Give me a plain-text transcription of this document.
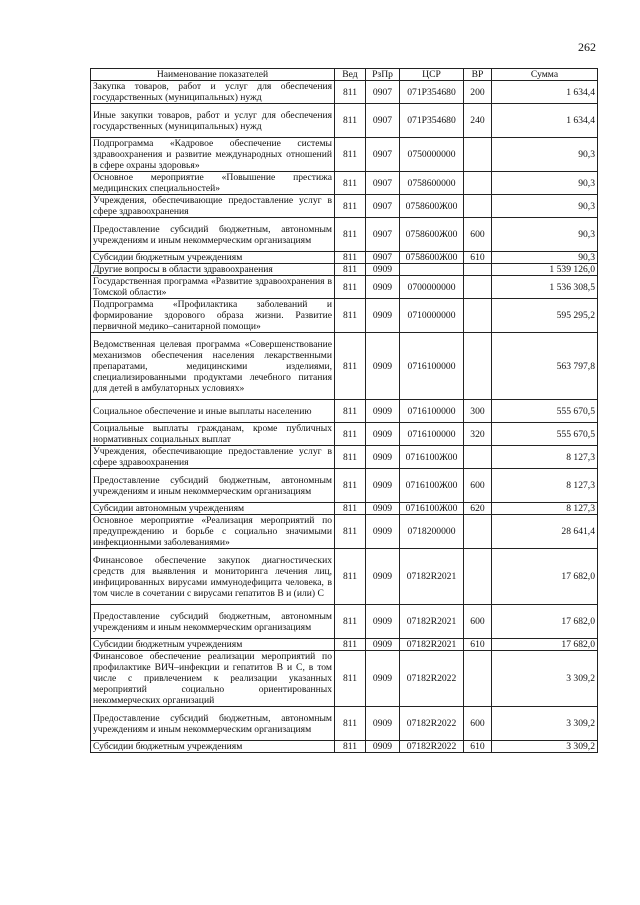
262
Наименование показателей	Вед	РзПр	ЦСР	ВР	Сумма
Закупка товаров, работ и услуг для обеспечения государственных (муниципальных) нужд	811	0907	071Р354680	200	1 634,4
Иные закупки товаров, работ и услуг для обеспечения государственных (муниципальных) нужд	811	0907	071Р354680	240	1 634,4
Подпрограмма «Кадровое обеспечение системы здравоохранения и развитие международных отношений в сфере охраны здоровья»	811	0907	0750000000		90,3
Основное мероприятие «Повышение престижа медицинских специальностей»	811	0907	0758600000		90,3
Учреждения, обеспечивающие предоставление услуг в сфере здравоохранения	811	0907	0758600Ж00		90,3
Предоставление субсидий бюджетным, автономным учреждениям и иным некоммерческим организациям	811	0907	0758600Ж00	600	90,3
Субсидии бюджетным учреждениям	811	0907	0758600Ж00	610	90,3
Другие вопросы в области здравоохранения	811	0909			1 539 126,0
Государственная программа «Развитие здравоохранения в Томской области»	811	0909	0700000000		1 536 308,5
Подпрограмма «Профилактика заболеваний и формирование здорового образа жизни. Развитие первичной медико–санитарной помощи»	811	0909	0710000000		595 295,2
Ведомственная целевая программа «Совершенствование механизмов обеспечения населения лекарственными препаратами, медицинскими изделиями, специализированными продуктами лечебного питания для детей в амбулаторных условиях»	811	0909	0716100000		563 797,8
Социальное обеспечение и иные выплаты населению	811	0909	0716100000	300	555 670,5
Социальные выплаты гражданам, кроме публичных нормативных социальных выплат	811	0909	0716100000	320	555 670,5
Учреждения, обеспечивающие предоставление услуг в сфере здравоохранения	811	0909	0716100Ж00		8 127,3
Предоставление субсидий бюджетным, автономным учреждениям и иным некоммерческим организациям	811	0909	0716100Ж00	600	8 127,3
Субсидии автономным учреждениям	811	0909	0716100Ж00	620	8 127,3
Основное мероприятие «Реализация мероприятий по предупреждению и борьбе с социально значимыми инфекционными заболеваниями»	811	0909	0718200000		28 641,4
Финансовое обеспечение закупок диагностических средств для выявления и мониторинга лечения лиц, инфицированных вирусами иммунодефицита человека, в том числе в сочетании с вирусами гепатитов В и (или) С	811	0909	07182R2021		17 682,0
Предоставление субсидий бюджетным, автономным учреждениям и иным некоммерческим организациям	811	0909	07182R2021	600	17 682,0
Субсидии бюджетным учреждениям	811	0909	07182R2021	610	17 682,0
Финансовое обеспечение реализации мероприятий по профилактике ВИЧ–инфекции и гепатитов В и С, в том числе с привлечением к реализации указанных мероприятий социально ориентированных некоммерческих организаций	811	0909	07182R2022		3 309,2
Предоставление субсидий бюджетным, автономным учреждениям и иным некоммерческим организациям	811	0909	07182R2022	600	3 309,2
Субсидии бюджетным учреждениям	811	0909	07182R2022	610	3 309,2
